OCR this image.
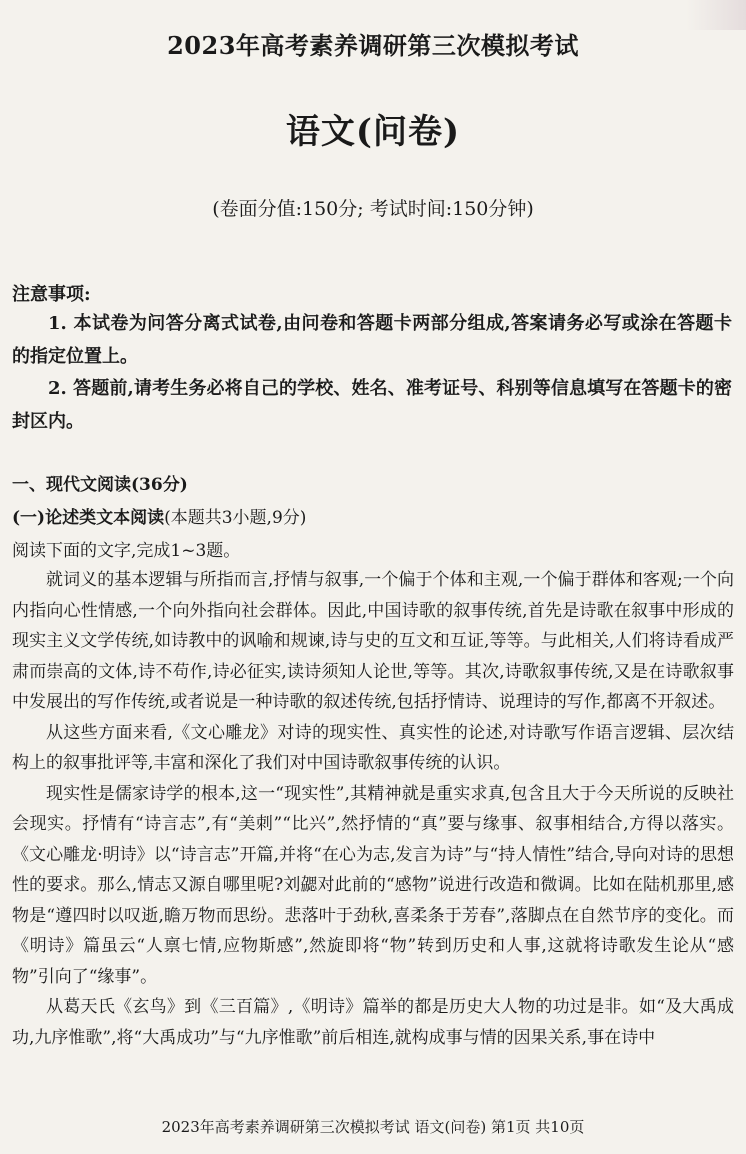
2023年高考素养调研第三次模拟考试
语文(问卷)
(卷面分值:150分; 考试时间:150分钟)
注意事项:
1. 本试卷为问答分离式试卷,由问卷和答题卡两部分组成,答案请务必写或涂在答题卡的指定位置上。
2. 答题前,请考生务必将自己的学校、姓名、准考证号、科别等信息填写在答题卡的密封区内。
一、现代文阅读(36分)
(一)论述类文本阅读(本题共3小题,9分)
阅读下面的文字,完成1~3题。

就词义的基本逻辑与所指而言,抒情与叙事,一个偏于个体和主观,一个偏于群体和客观;一个向内指向心性情感,一个向外指向社会群体。因此,中国诗歌的叙事传统,首先是诗歌在叙事中形成的现实主义文学传统,如诗教中的讽喻和规谏,诗与史的互文和互证,等等。与此相关,人们将诗看成严肃而崇高的文体,诗不苟作,诗必征实,读诗须知人论世,等等。其次,诗歌叙事传统,又是在诗歌叙事中发展出的写作传统,或者说是一种诗歌的叙述传统,包括抒情诗、说理诗的写作,都离不开叙述。

从这些方面来看,《文心雕龙》对诗的现实性、真实性的论述,对诗歌写作语言逻辑、层次结构上的叙事批评等,丰富和深化了我们对中国诗歌叙事传统的认识。

现实性是儒家诗学的根本,这一“现实性”,其精神就是重实求真,包含且大于今天所说的反映社会现实。抒情有“诗言志”,有“美刺”“比兴”,然抒情的“真”要与缘事、叙事相结合,方得以落实。《文心雕龙·明诗》以“诗言志”开篇,并将“在心为志,发言为诗”与“持人情性”结合,导向对诗的思想性的要求。那么,情志又源自哪里呢?刘勰对此前的“感物”说进行改造和微调。比如在陆机那里,感物是“遵四时以叹逝,瞻万物而思纷。悲落叶于劲秋,喜柔条于芳春”,落脚点在自然节序的变化。而《明诗》篇虽云“人禀七情,应物斯感”,然旋即将“物”转到历史和人事,这就将诗歌发生论从“感物”引向了“缘事”。

从葛天氏《玄鸟》到《三百篇》,《明诗》篇举的都是历史大人物的功过是非。如“及大禹成功,九序惟歌”,将“大禹成功”与“九序惟歌”前后相连,就构成事与情的因果关系,事在诗中

2023年高考素养调研第三次模拟考试 语文(问卷) 第1页 共10页
